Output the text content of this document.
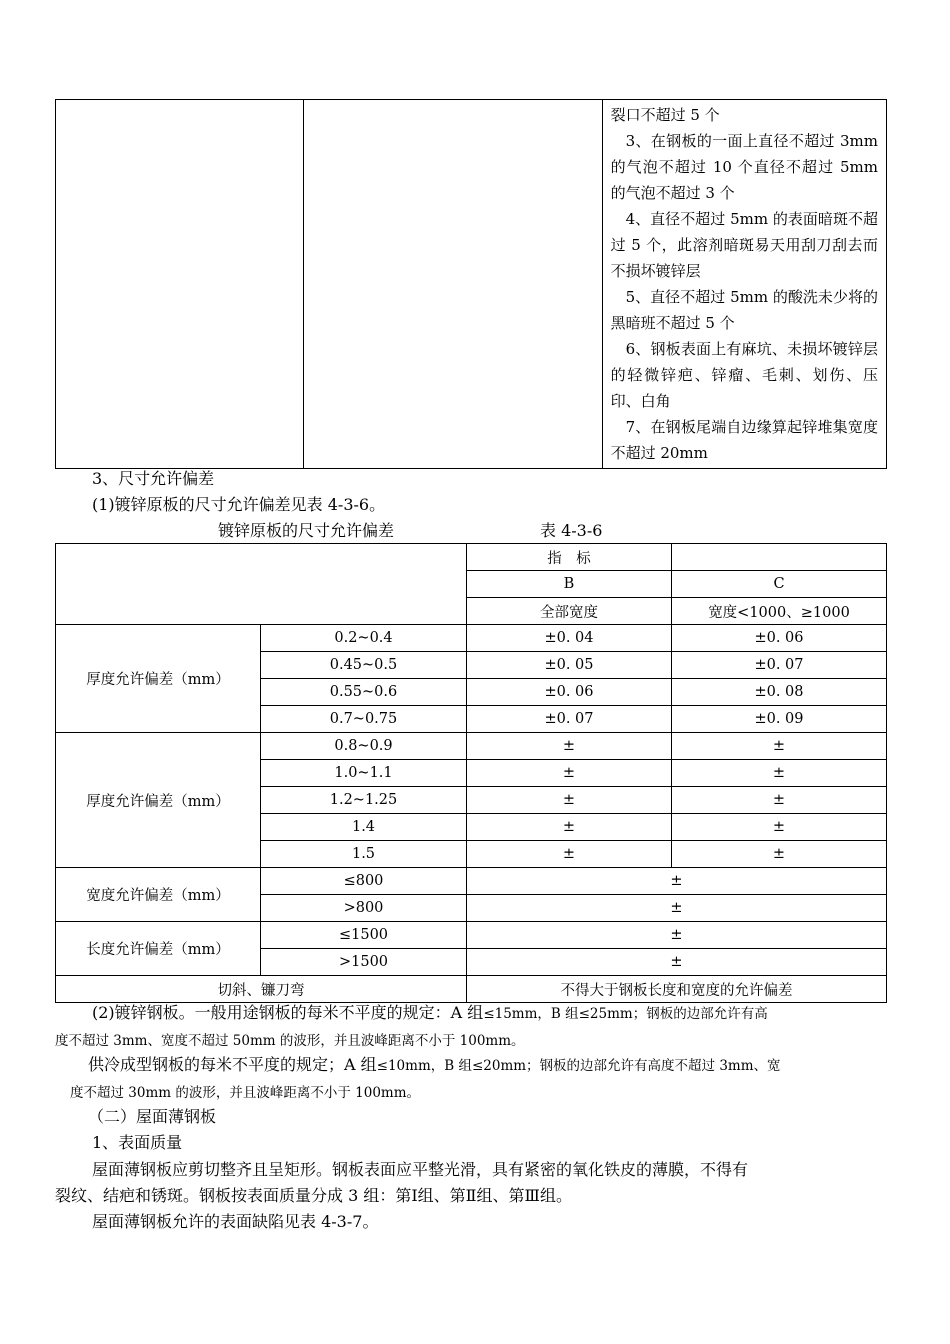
裂口不超过 5 个
3、在钢板的一面上直径不超过 3mm 的气泡不超过 10 个直径不超过 5mm 的气泡不超过 3 个
4、直径不超过 5mm 的表面暗斑不超过 5 个，此溶剂暗斑易天用刮刀刮去而不损坏镀锌层
5、直径不超过 5mm 的酸洗未少将的黑暗班不超过 5 个
6、钢板表面上有麻坑、未损坏镀锌层的轻微锌疤、锌瘤、毛刺、划伤、压印、白角
7、在钢板尾端自边缘算起锌堆集宽度不超过 20mm
3、尺寸允许偏差
(1)镀锌原板的尺寸允许偏差见表 4-3-6。
镀锌原板的尺寸允许偏差	表 4-3-6
		指　标	
		B	C
		全部宽度	宽度<1000、≥1000
厚度允许偏差（mm）	0.2~0.4	±0. 04	±0. 06
	0.45~0.5	±0. 05	±0. 07
	0.55~0.6	±0. 06	±0. 08
	0.7~0.75	±0. 07	±0. 09
厚度允许偏差（mm）	0.8~0.9	±	±
	1.0~1.1	±	±
	1.2~1.25	±	±
	1.4	±	±
	1.5	±	±
宽度允许偏差（mm）	≤800	±	
	>800	±	
长度允许偏差（mm）	≤1500	±	
	>1500	±	
切斜、镰刀弯		不得大于钢板长度和宽度的允许偏差	
(2)镀锌钢板。一般用途钢板的每米不平度的规定：A 组≤15mm，B 组≤25mm；钢板的边部允许有高
度不超过 3mm、宽度不超过 50mm 的波形，并且波峰距离不小于 100mm。
供冷成型钢板的每米不平度的规定；A 组≤10mm，B 组≤20mm；钢板的边部允许有高度不超过 3mm、宽
度不超过 30mm 的波形，并且波峰距离不小于 100mm。
（二）屋面薄钢板
1、表面质量
屋面薄钢板应剪切整齐且呈矩形。钢板表面应平整光滑，具有紧密的氧化铁皮的薄膜，不得有
裂纹、结疤和锈斑。钢板按表面质量分成 3 组：第Ⅰ组、第Ⅱ组、第Ⅲ组。
屋面薄钢板允许的表面缺陷见表 4-3-7。
